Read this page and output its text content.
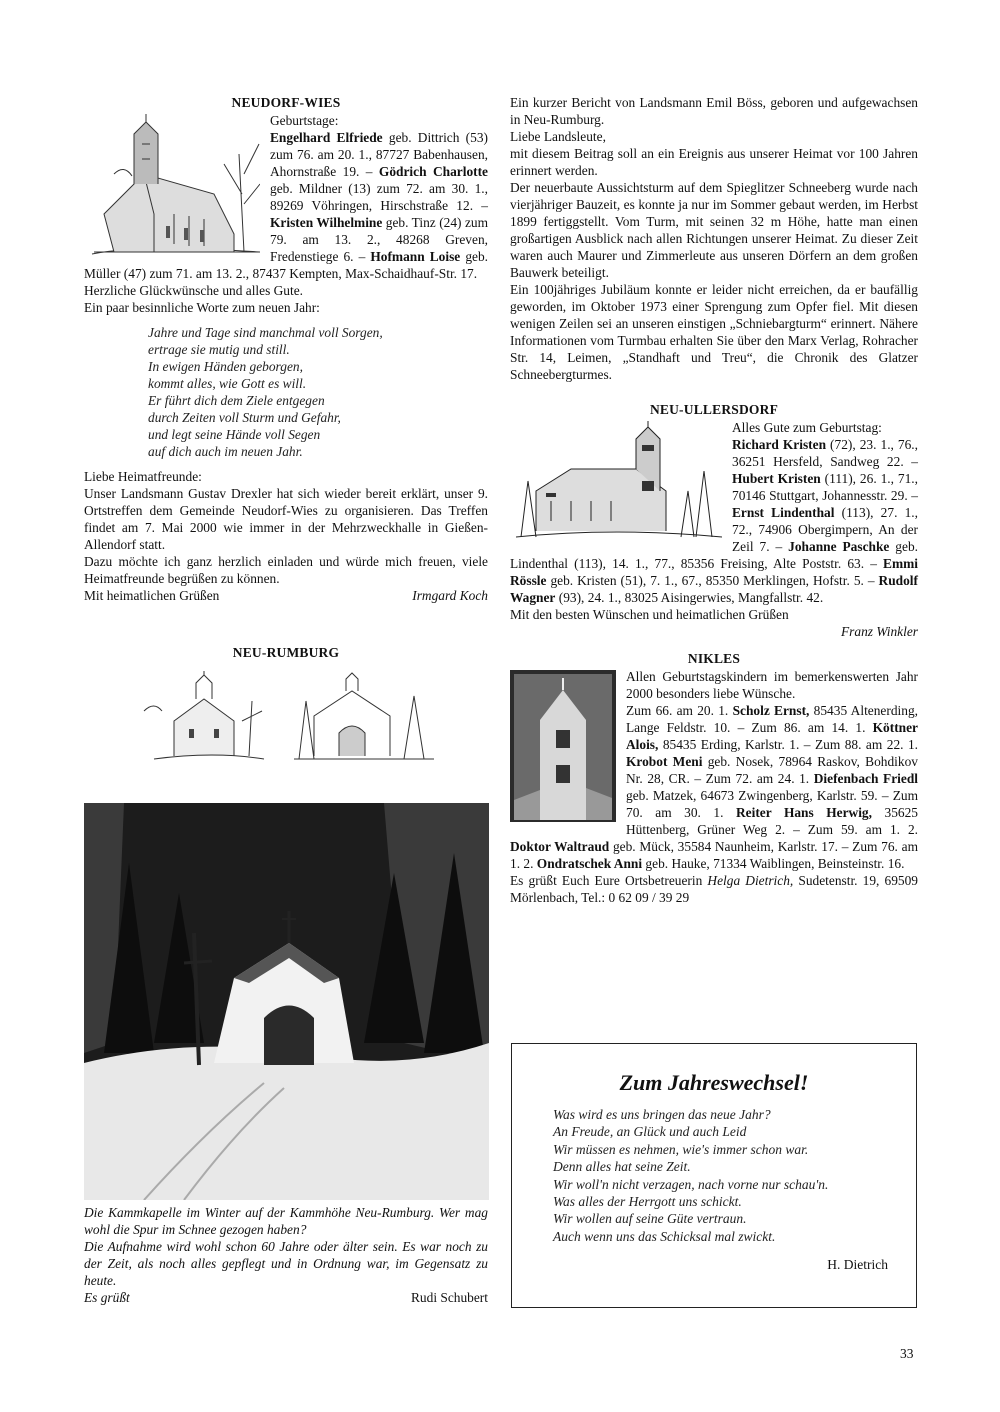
NEUDORF-WIES

Geburtstage:

Engelhard Elfriede geb. Dittrich (53) zum 76. am 20. 1., 87727 Babenhausen, Ahornstraße 19. – Gödrich Charlotte geb. Mildner (13) zum 72. am 30. 1., 89269 Vöhringen, Hirschstraße 12. – Kristen Wilhelmine geb. Tinz (24) zum 79. am 13. 2., 48268 Greven, Fredenstiege 6. – Hofmann Loise geb. Müller (47) zum 71. am 13. 2., 87437 Kempten, Max-Schaidhauf-Str. 17.

Herzliche Glückwünsche und alles Gute.

Ein paar besinnliche Worte zum neuen Jahr:

Jahre und Tage sind manchmal voll Sorgen,
ertrage sie mutig und still.
In ewigen Händen geborgen,
kommt alles, wie Gott es will.
Er führt dich dem Ziele entgegen
durch Zeiten voll Sturm und Gefahr,
und legt seine Hände voll Segen
auf dich auch im neuen Jahr.

Liebe Heimatfreunde:

Unser Landsmann Gustav Drexler hat sich wieder bereit erklärt, unser 9. Ortstreffen dem Gemeinde Neudorf-Wies zu organisieren. Das Treffen findet am 7. Mai 2000 wie immer in der Mehrzweckhalle in Gießen-Allendorf statt.

Dazu möchte ich ganz herzlich einladen und würde mich freuen, viele Heimatfreunde begrüßen zu können.

Mit heimatlichen Grüßen	Irmgard Koch
NEU-RUMBURG

Die Kammkapelle im Winter auf der Kammhöhe Neu-Rumburg. Wer mag wohl die Spur im Schnee gezogen haben?

Die Aufnahme wird wohl schon 60 Jahre oder älter sein. Es war noch zu der Zeit, als noch alles gepflegt und in Ordnung war, im Gegensatz zu heute.

Es grüßt	Rudi Schubert

Ein kurzer Bericht von Landsmann Emil Böss, geboren und aufgewachsen in Neu-Rumburg.

Liebe Landsleute,

mit diesem Beitrag soll an ein Ereignis aus unserer Heimat vor 100 Jahren erinnert werden.

Der neuerbaute Aussichtsturm auf dem Spieglitzer Schneeberg wurde nach vierjähriger Bauzeit, es konnte ja nur im Sommer gebaut werden, im Herbst 1899 fertiggstellt. Vom Turm, mit seinen 32 m Höhe, hatte man einen großartigen Ausblick nach allen Richtungen unserer Heimat. Zu dieser Zeit waren auch Maurer und Zimmerleute aus unseren Dörfern an dem großen Bauwerk beteiligt.

Ein 100jähriges Jubiläum konnte er leider nicht erreichen, da er baufällig geworden, im Oktober 1973 einer Sprengung zum Opfer fiel. Mit diesen wenigen Zeilen sei an unseren einstigen „Schniebargturm“ erinnert. Nähere Informationen vom Turmbau erhalten Sie über den Marx Verlag, Rohracher Str. 14, Leimen, „Standhaft und Treu“, die Chronik des Glatzer Schneebergturmes.

NEU-ULLERSDORF

Alles Gute zum Geburtstag:

Richard Kristen (72), 23. 1., 76., 36251 Hersfeld, Sandweg 22. – Hubert Kristen (111), 26. 1., 71., 70146 Stuttgart, Johannesstr. 29. – Ernst Lindenthal (113), 27. 1., 72., 74906 Obergimpern, An der Zeil 7. – Johanne Paschke geb. Lindenthal (113), 14. 1., 77., 85356 Freising, Alte Poststr. 63. – Emmi Rössle geb. Kristen (51), 7. 1., 67., 85350 Merklingen, Hofstr. 5. – Rudolf Wagner (93), 24. 1., 83025 Aisingerwies, Mangfallstr. 42.

Mit den besten Wünschen und heimatlichen Grüßen

Franz Winkler

NIKLES

Allen Geburtstagskindern im bemerkenswerten Jahr 2000 besonders liebe Wünsche.

Zum 66. am 20. 1. Scholz Ernst, 85435 Altenerding, Lange Feldstr. 10. – Zum 86. am 14. 1. Köttner Alois, 85435 Erding, Karlstr. 1. – Zum 88. am 22. 1. Krobot Meni geb. Nosek, 78964 Raskov, Bohdikov Nr. 28, CR. – Zum 72. am 24. 1. Diefenbach Friedl geb. Matzek, 64673 Zwingenberg, Karlstr. 59. – Zum 70. am 30. 1. Reiter Hans Herwig, 35625 Hüttenberg, Grüner Weg 2. – Zum 59. am 1. 2. Doktor Waltraud geb. Mück, 35584 Naunheim, Karlstr. 17. – Zum 76. am 1. 2. Ondratschek Anni geb. Hauke, 71334 Waiblingen, Beinsteinstr. 16.

Es grüßt Euch Eure Ortsbetreuerin Helga Dietrich, Sudetenstr. 19, 69509 Mörlenbach, Tel.: 0 62 09 / 39 29

Zum Jahreswechsel!
Was wird es uns bringen das neue Jahr?
An Freude, an Glück und auch Leid
Wir müssen es nehmen, wie's immer schon war.
Denn alles hat seine Zeit.
Wir woll'n nicht verzagen, nach vorne nur schau'n.
Was alles der Herrgott uns schickt.
Wir wollen auf seine Güte vertraun.
Auch wenn uns das Schicksal mal zwickt.
H. Dietrich
33
